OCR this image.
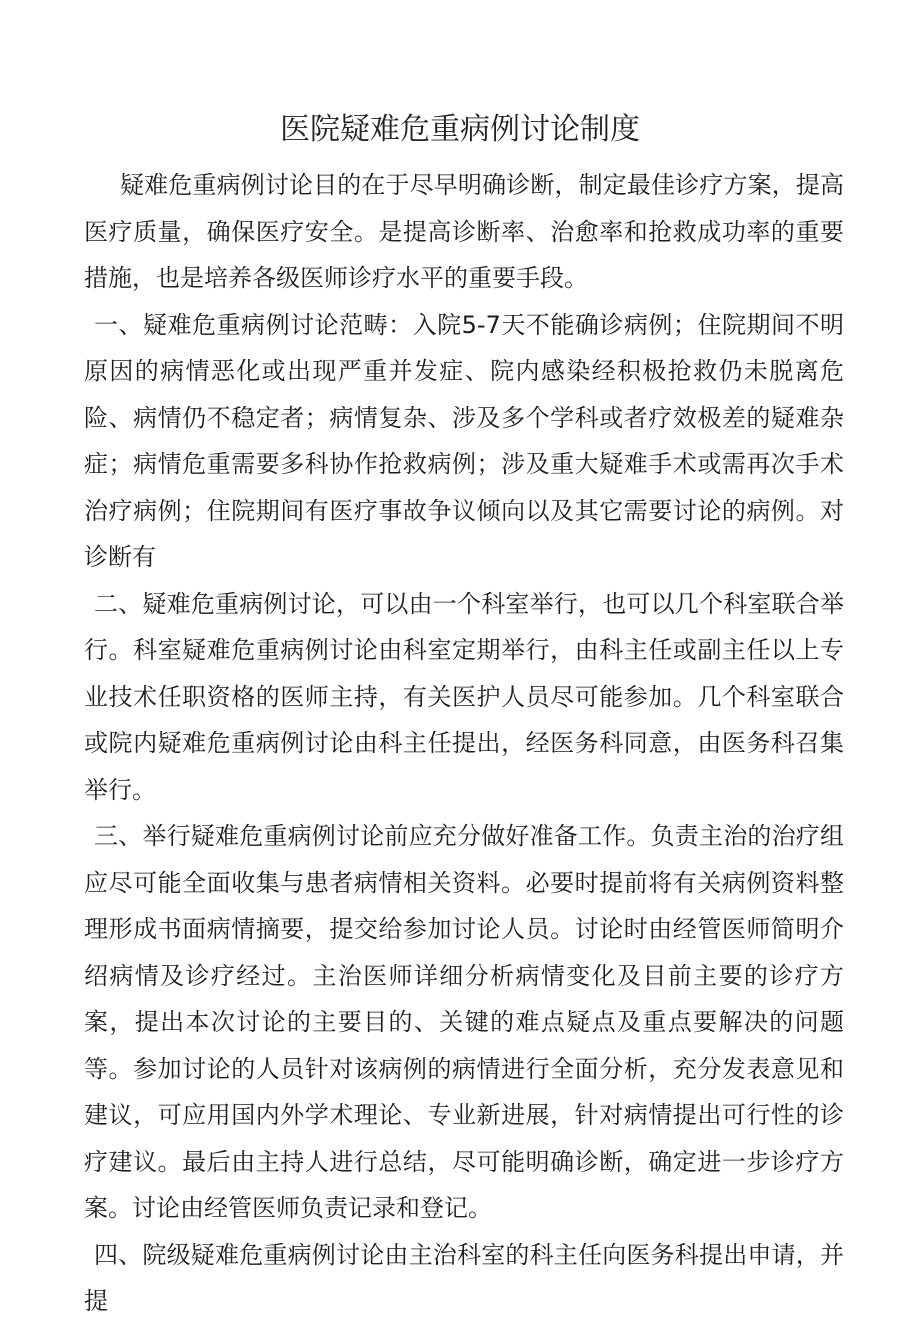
医院疑难危重病例讨论制度

疑难危重病例讨论目的在于尽早明确诊断，制定最佳诊疗方案，提高医疗质量，确保医疗安全。是提高诊断率、治愈率和抢救成功率的重要措施，也是培养各级医师诊疗水平的重要手段。

一、疑难危重病例讨论范畴：入院5-7天不能确诊病例；住院期间不明原因的病情恶化或出现严重并发症、院内感染经积极抢救仍未脱离危险、病情仍不稳定者；病情复杂、涉及多个学科或者疗效极差的疑难杂症；病情危重需要多科协作抢救病例；涉及重大疑难手术或需再次手术治疗病例；住院期间有医疗事故争议倾向以及其它需要讨论的病例。对诊断有

二、疑难危重病例讨论，可以由一个科室举行，也可以几个科室联合举行。科室疑难危重病例讨论由科室定期举行，由科主任或副主任以上专业技术任职资格的医师主持，有关医护人员尽可能参加。几个科室联合或院内疑难危重病例讨论由科主任提出，经医务科同意，由医务科召集举行。

三、举行疑难危重病例讨论前应充分做好准备工作。负责主治的治疗组应尽可能全面收集与患者病情相关资料。必要时提前将有关病例资料整理形成书面病情摘要，提交给参加讨论人员。讨论时由经管医师简明介绍病情及诊疗经过。主治医师详细分析病情变化及目前主要的诊疗方案，提出本次讨论的主要目的、关键的难点疑点及重点要解决的问题等。参加讨论的人员针对该病例的病情进行全面分析，充分发表意见和建议，可应用国内外学术理论、专业新进展，针对病情提出可行性的诊疗建议。最后由主持人进行总结，尽可能明确诊断，确定进一步诊疗方案。讨论由经管医师负责记录和登记。

四、院级疑难危重病例讨论由主治科室的科主任向医务科提出申请，并提
